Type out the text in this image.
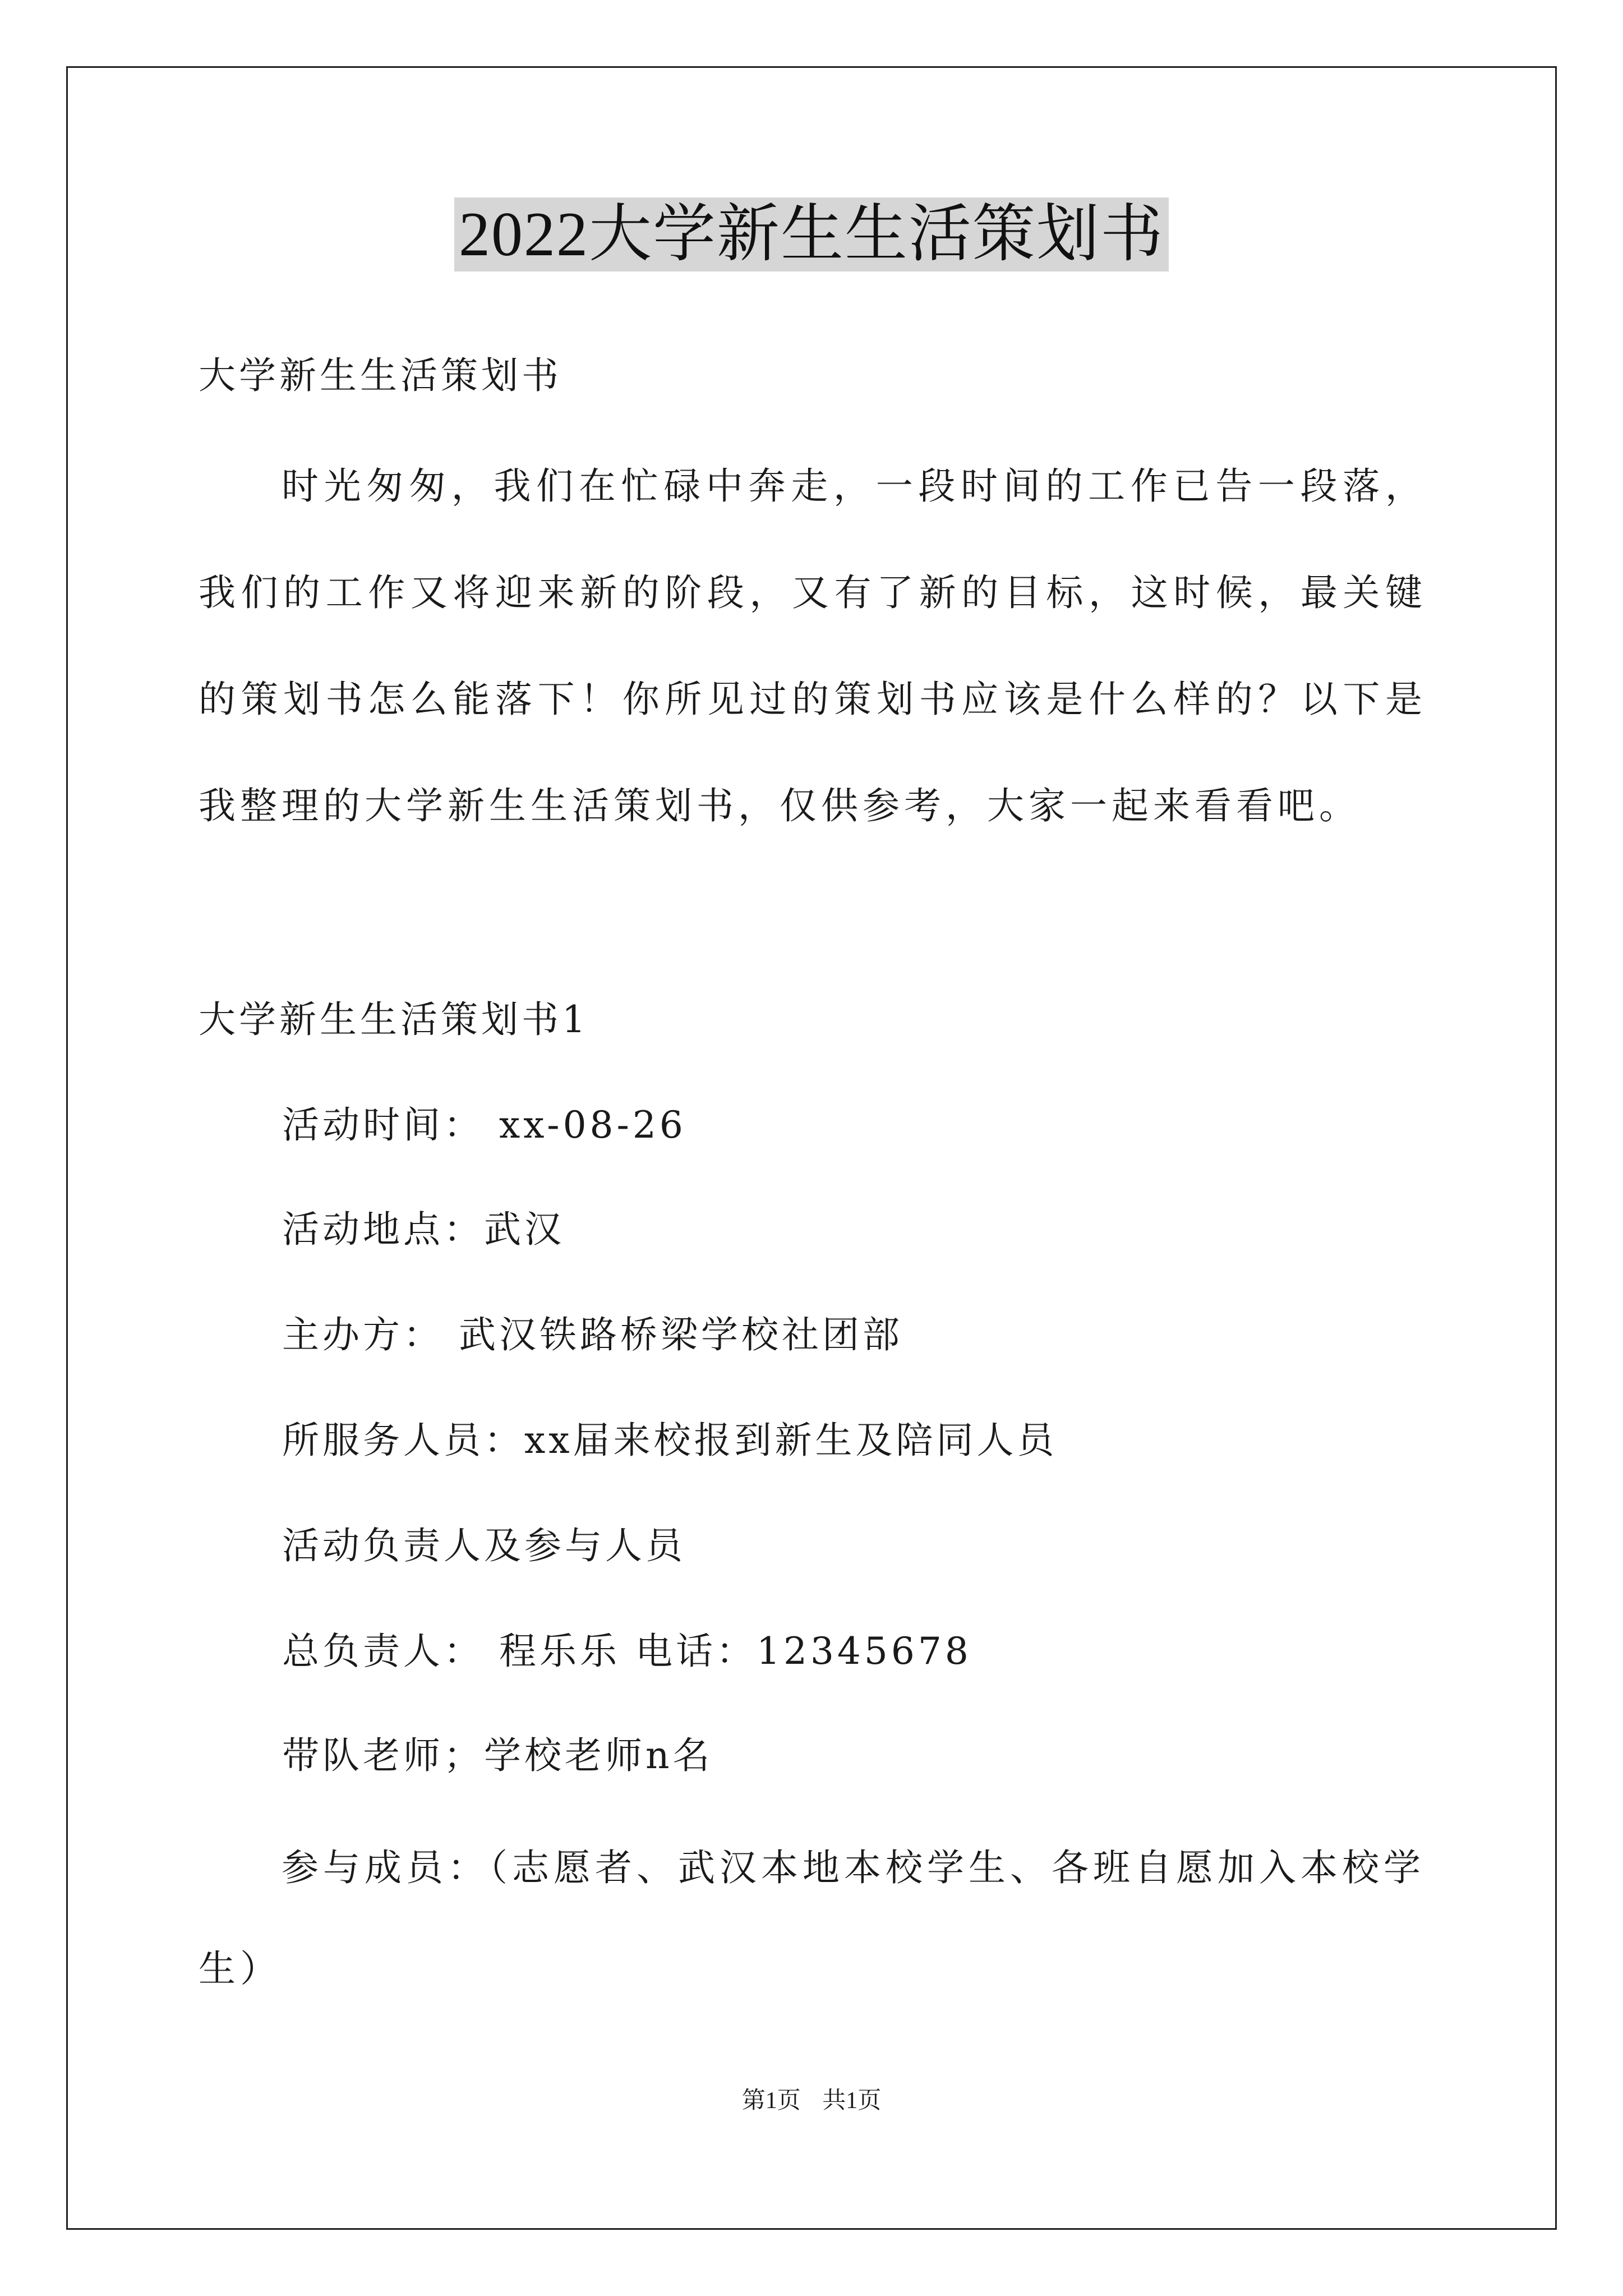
2022大学新生生活策划书
大学新生生活策划书
时光匆匆，我们在忙碌中奔走，一段时间的工作已告一段落，我们的工作又将迎来新的阶段，又有了新的目标，这时候，最关键的策划书怎么能落下！你所见过的策划书应该是什么样的？以下是我整理的大学新生生活策划书，仅供参考，大家一起来看看吧。
大学新生生活策划书1
活动时间： xx-08-26
活动地点：武汉
主办方： 武汉铁路桥梁学校社团部
所服务人员：xx届来校报到新生及陪同人员
活动负责人及参与人员
总负责人： 程乐乐 电话：12345678
带队老师；学校老师n名
参与成员：（志愿者、武汉本地本校学生、各班自愿加入本校学生）
第1页 共1页
